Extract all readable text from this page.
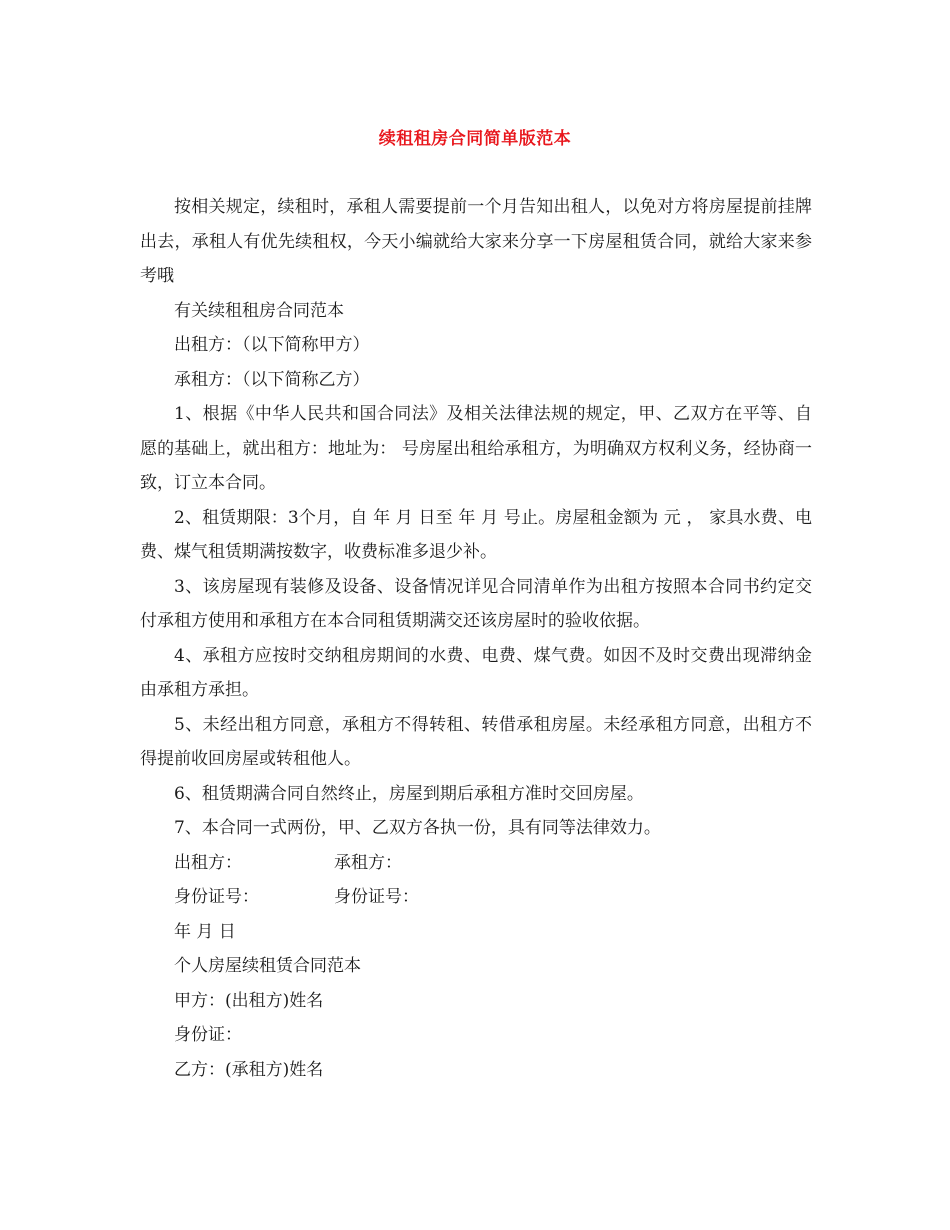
续租租房合同简单版范本

按相关规定，续租时，承租人需要提前一个月告知出租人，以免对方将房屋提前挂牌出去，承租人有优先续租权，今天小编就给大家来分享一下房屋租赁合同，就给大家来参考哦

有关续租租房合同范本

出租方：（以下简称甲方）

承租方：（以下简称乙方）

1、根据《中华人民共和国合同法》及相关法律法规的规定，甲、乙双方在平等、自愿的基础上，就出租方：地址为： 号房屋出租给承租方，为明确双方权利义务，经协商一致，订立本合同。

2、租赁期限：3个月，自 年 月 日至 年 月 号止。房屋租金额为 元 ， 家具水费、电费、煤气租赁期满按数字，收费标准多退少补。

3、该房屋现有装修及设备、设备情况详见合同清单作为出租方按照本合同书约定交付承租方使用和承租方在本合同租赁期满交还该房屋时的验收依据。

4、承租方应按时交纳租房期间的水费、电费、煤气费。如因不及时交费出现滞纳金由承租方承担。

5、未经出租方同意，承租方不得转租、转借承租房屋。未经承租方同意，出租方不得提前收回房屋或转租他人。

6、租赁期满合同自然终止，房屋到期后承租方准时交回房屋。

7、本合同一式两份，甲、乙双方各执一份，具有同等法律效力。

出租方：	承租方：

身份证号：	身份证号：

年 月 日

个人房屋续租赁合同范本

甲方：(出租方)姓名

身份证：

乙方：(承租方)姓名
